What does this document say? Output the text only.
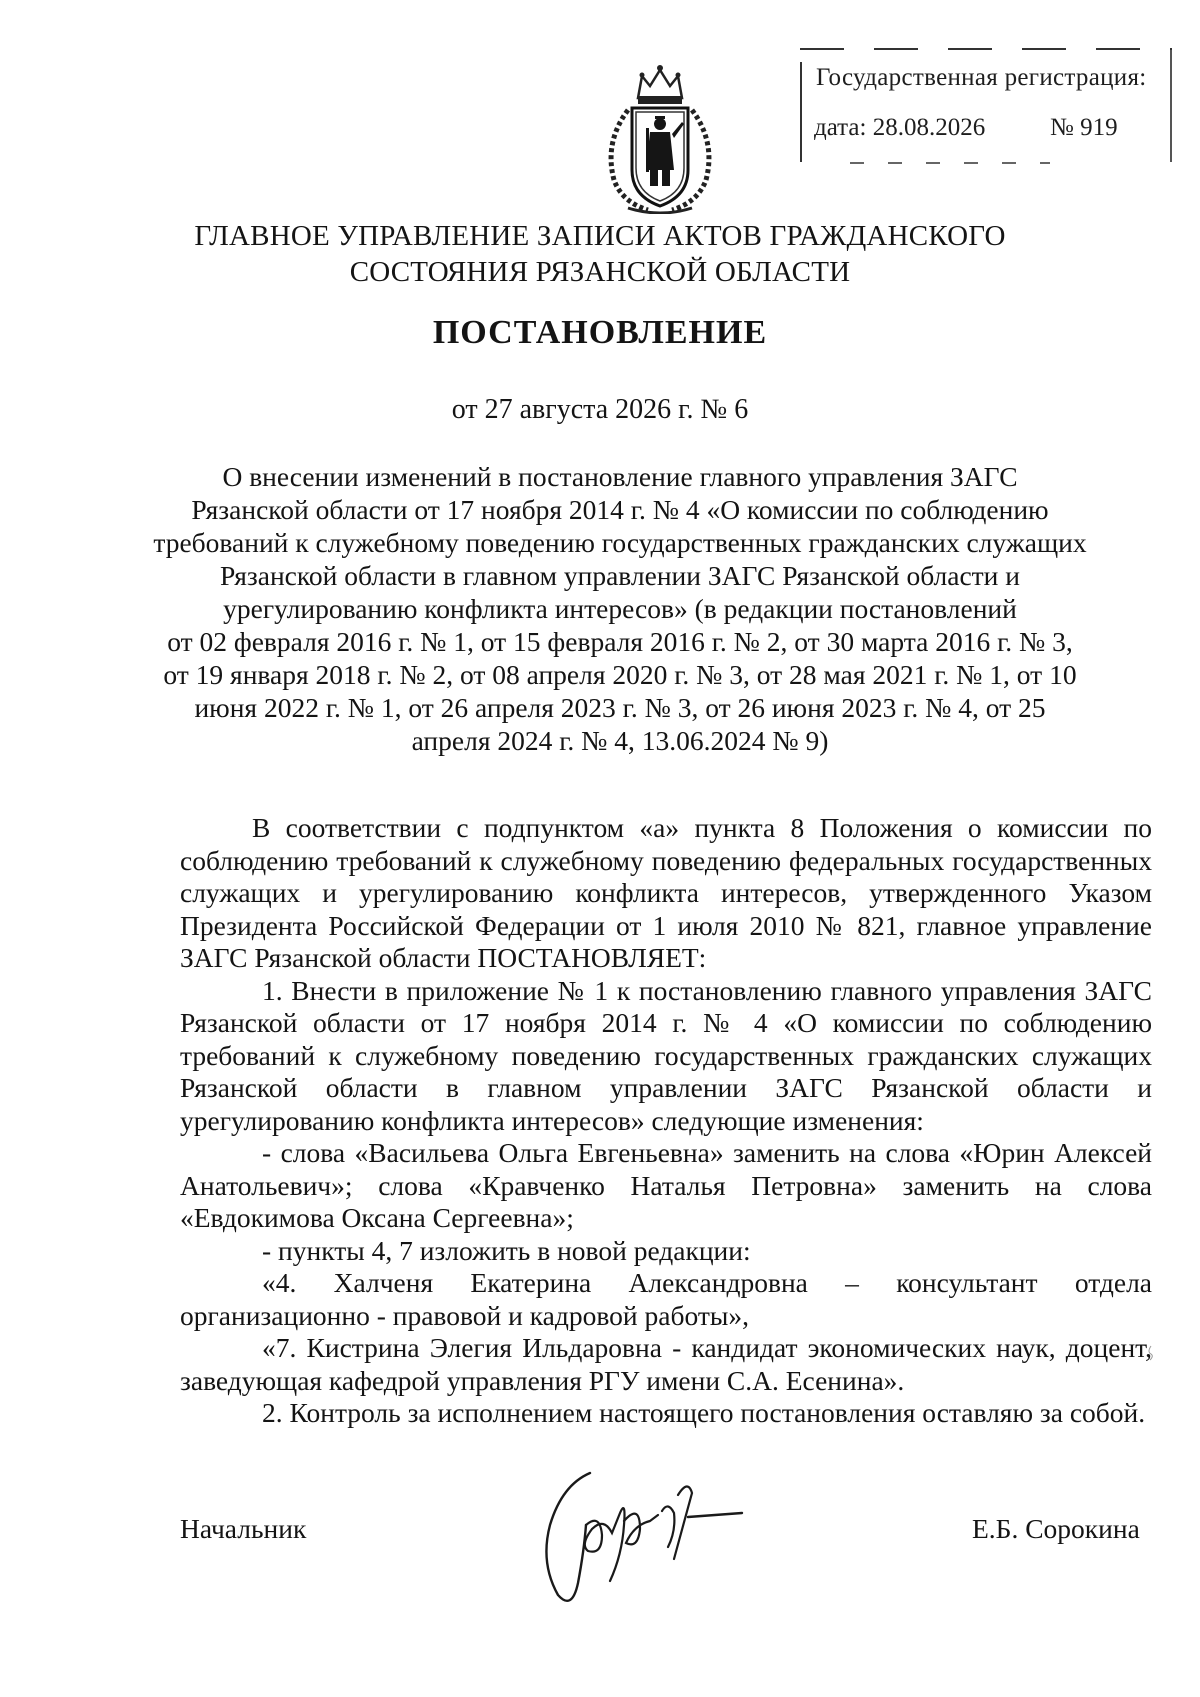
Государственная регистрация:
дата: 28.08.2026	№ 919
ГЛАВНОЕ УПРАВЛЕНИЕ ЗАПИСИ АКТОВ ГРАЖДАНСКОГО
СОСТОЯНИЯ РЯЗАНСКОЙ ОБЛАСТИ
ПОСТАНОВЛЕНИЕ
от 27 августа 2026 г. № 6
О внесении изменений в постановление главного управления ЗАГС
Рязанской области от 17 ноября 2014 г. № 4 «О комиссии по соблюдению
требований к служебному поведению государственных гражданских служащих
Рязанской области в главном управлении ЗАГС Рязанской области и
урегулированию конфликта интересов» (в редакции постановлений
от 02 февраля 2016 г. № 1, от 15 февраля 2016 г. № 2, от 30 марта 2016 г. № 3,
от 19 января 2018 г. № 2, от 08 апреля 2020 г. № 3, от 28 мая 2021 г. № 1, от 10
июня 2022 г. № 1, от 26 апреля 2023 г. № 3, от 26 июня 2023 г. № 4, от 25
апреля 2024 г. № 4, 13.06.2024 № 9)

В соответствии с подпунктом «а» пункта 8 Положения о комиссии по соблюдению требований к служебному поведению федеральных государственных служащих и урегулированию конфликта интересов, утвержденного Указом Президента Российской Федерации от 1 июля 2010 № 821, главное управление ЗАГС Рязанской области ПОСТАНОВЛЯЕТ:

1. Внести в приложение № 1 к постановлению главного управления ЗАГС Рязанской области от 17 ноября 2014 г. № 4 «О комиссии по соблюдению требований к служебному поведению государственных гражданских служащих Рязанской области в главном управлении ЗАГС Рязанской области и урегулированию конфликта интересов» следующие изменения:

- слова «Васильева Ольга Евгеньевна» заменить на слова «Юрин Алексей Анатольевич»; слова «Кравченко Наталья Петровна» заменить на слова «Евдокимова Оксана Сергеевна»;

- пункты 4, 7 изложить в новой редакции:

«4. Халченя Екатерина Александровна – консультант отдела организационно - правовой и кадровой работы»,

«7. Кистрина Элегия Ильдаровна - кандидат экономических наук, доцент, заведующая кафедрой управления РГУ имени С.А. Есенина».

2. Контроль за исполнением настоящего постановления оставляю за собой.

Начальник	Е.Б. Сорокина
